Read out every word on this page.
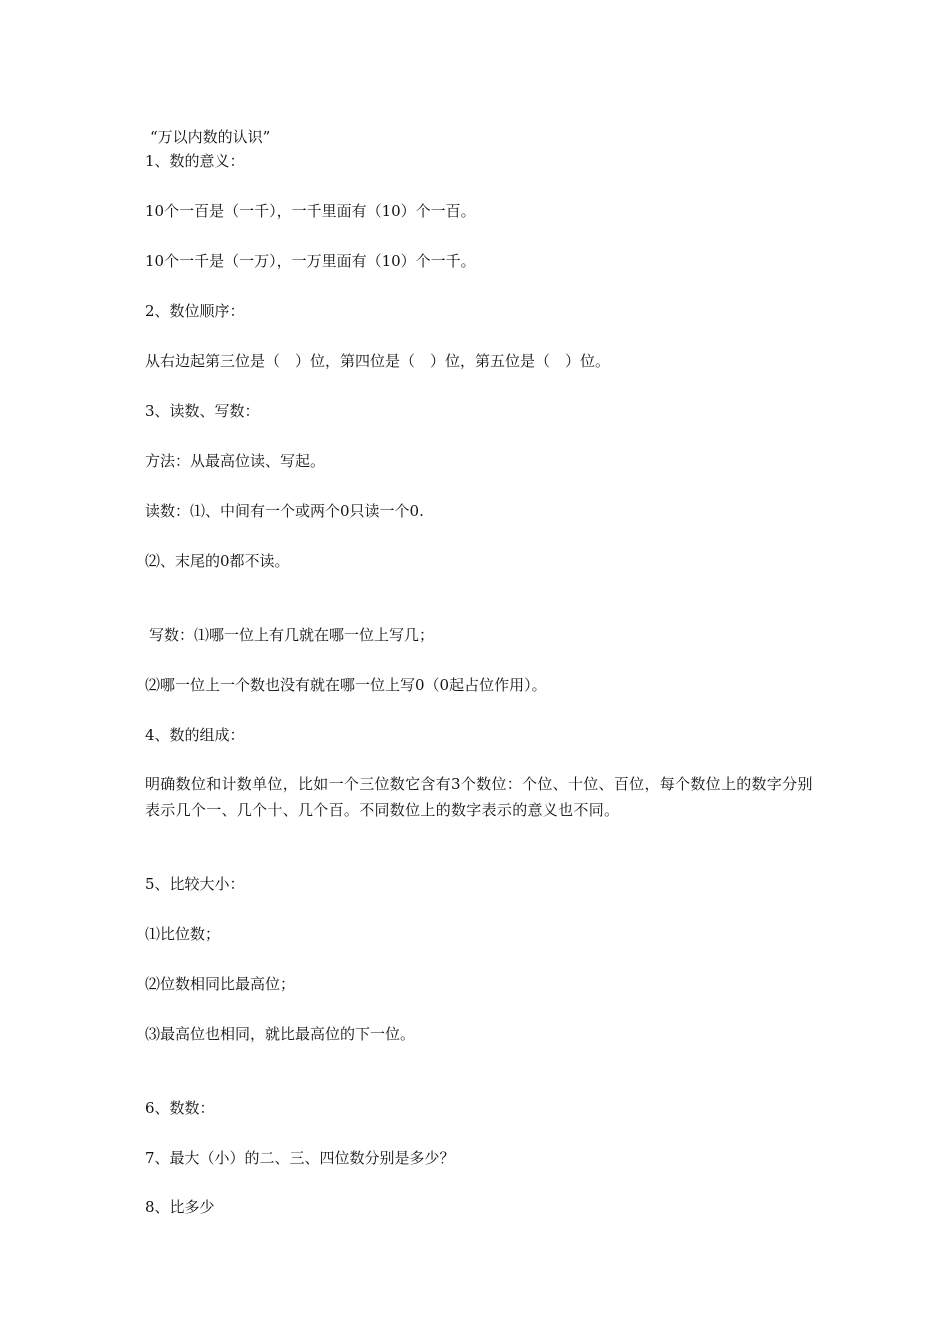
“万以内数的认识”
1、数的意义：
10个一百是（一千），一千里面有（10）个一百。
10个一千是（一万），一万里面有（10）个一千。
2、数位顺序：
从右边起第三位是（　）位，第四位是（　）位，第五位是（　）位。
3、读数、写数：
方法：从最高位读、写起。
读数：⑴、中间有一个或两个0只读一个0.
⑵、末尾的0都不读。
写数：⑴哪一位上有几就在哪一位上写几；
⑵哪一位上一个数也没有就在哪一位上写0（0起占位作用）。
4、数的组成：
明确数位和计数单位，比如一个三位数它含有3个数位：个位、十位、百位，每个数位上的数字分别表示几个一、几个十、几个百。不同数位上的数字表示的意义也不同。
5、比较大小：
⑴比位数；
⑵位数相同比最高位；
⑶最高位也相同，就比最高位的下一位。
6、数数：
7、最大（小）的二、三、四位数分别是多少？
8、比多少
